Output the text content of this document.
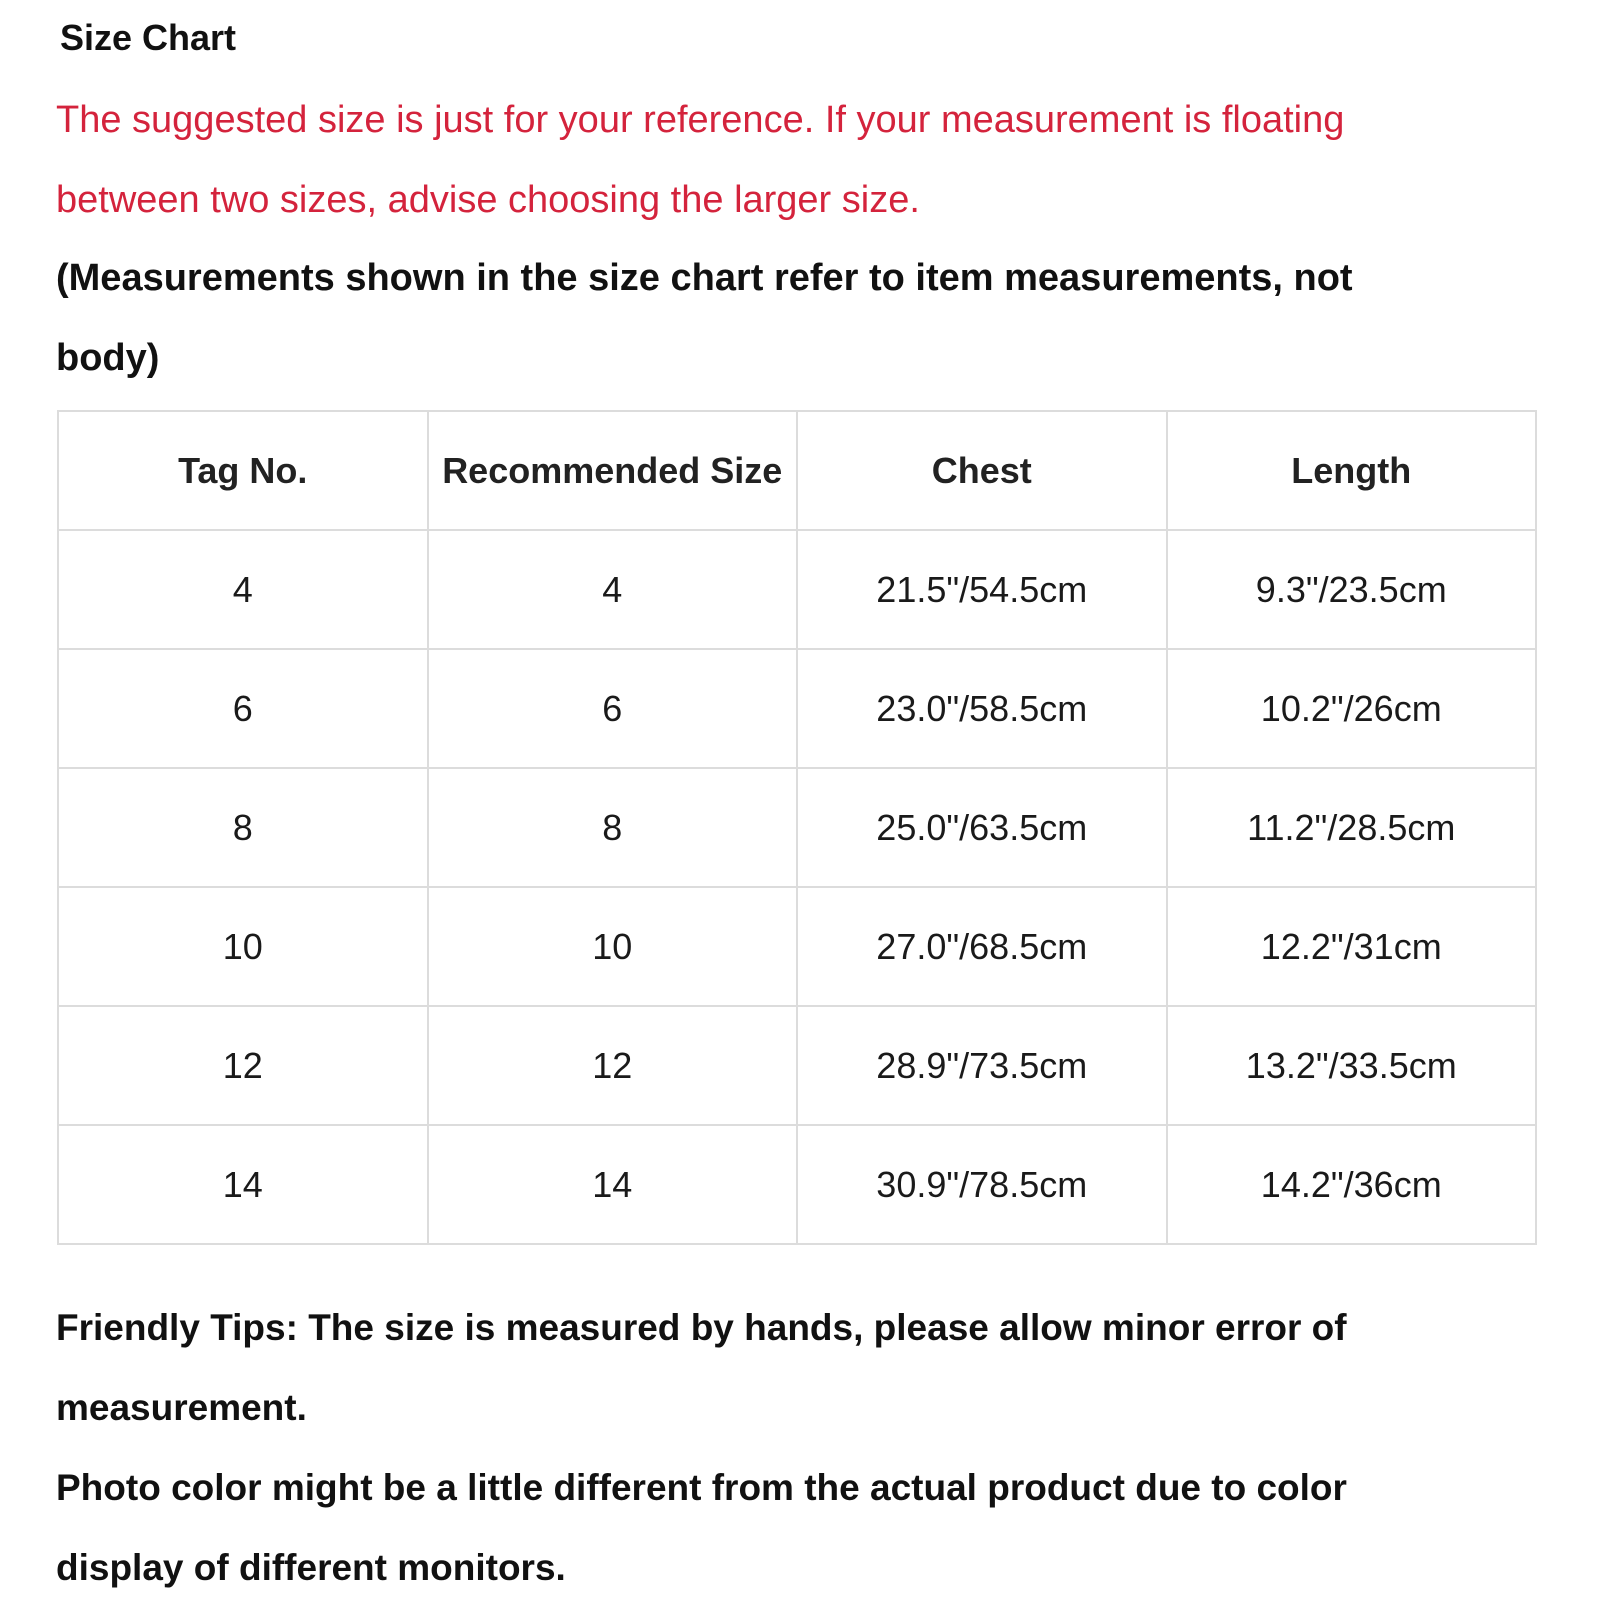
Size Chart
The suggested size is just for your reference. If your measurement is floating
between two sizes, advise choosing the larger size.
(Measurements shown in the size chart refer to item measurements, not
body)
Tag No.	Recommended Size	Chest	Length
4	4	21.5"/54.5cm	9.3"/23.5cm
6	6	23.0"/58.5cm	10.2"/26cm
8	8	25.0"/63.5cm	11.2"/28.5cm
10	10	27.0"/68.5cm	12.2"/31cm
12	12	28.9"/73.5cm	13.2"/33.5cm
14	14	30.9"/78.5cm	14.2"/36cm
Friendly Tips: The size is measured by hands, please allow minor error of
measurement.
Photo color might be a little different from the actual product due to color
display of different monitors.
